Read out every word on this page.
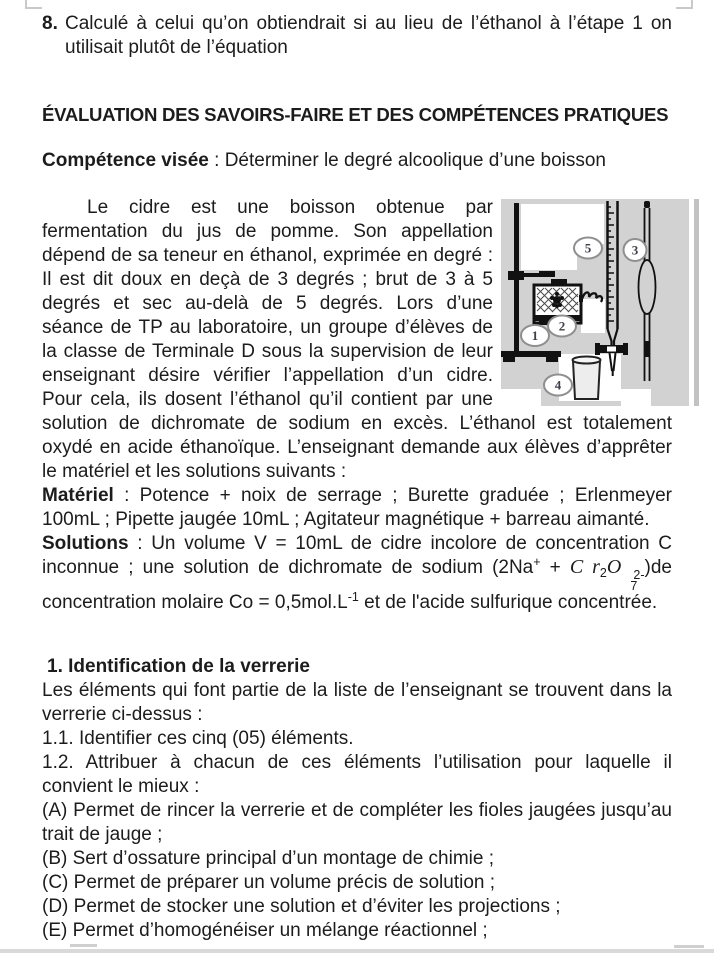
8. Calculé à celui qu’on obtiendrait si au lieu de l’éthanol à l’étape 1 on utilisait plutôt de l’équation

ÉVALUATION DES SAVOIRS-FAIRE ET DES COMPÉTENCES PRATIQUES

Compétence visée : Déterminer le degré alcoolique d’une boisson

5	3
1
2
4
Le cidre est une boisson obtenue par fermentation du jus de pomme. Son appellation dépend de sa teneur en éthanol, exprimée en degré : Il est dit doux en deçà de 3 degrés ; brut de 3 à 5 degrés et sec au-delà de 5 degrés. Lors d’une séance de TP au laboratoire, un groupe d’élèves de la classe de Terminale D sous la supervision de leur enseignant désire vérifier l’appellation d’un cidre. Pour cela, ils dosent l’éthanol qu’il contient par une solution de dichromate de sodium en excès. L’éthanol est totalement oxydé en acide éthanoïque. L’enseignant demande aux élèves d’apprêter le matériel et les solutions suivants :

Matériel : Potence + noix de serrage ; Burette graduée ; Erlenmeyer 100mL ; Pipette jaugée 10mL ; Agitateur magnétique + barreau aimanté.

Solutions : Un volume V = 10mL de cidre incolore de concentration C inconnue ; une solution de dichromate de sodium (2Na+ + C $r_2O$ 2-
7
)de concentration molaire $Co = 0,5mol.L^{-1}$ et de l'acide sulfurique concentrée.

1. Identification de la verrerie

Les éléments qui font partie de la liste de l’enseignant se trouvent dans la verrerie ci-dessus :

1.1. Identifier ces cinq (05) éléments.

1.2. Attribuer à chacun de ces éléments l’utilisation pour laquelle il convient le mieux :

(A) Permet de rincer la verrerie et de compléter les fioles jaugées jusqu’au trait de jauge ;

(B) Sert d’ossature principal d’un montage de chimie ;

(C) Permet de préparer un volume précis de solution ;

(D) Permet de stocker une solution et d’éviter les projections ;

(E) Permet d’homogénéiser un mélange réactionnel ;
